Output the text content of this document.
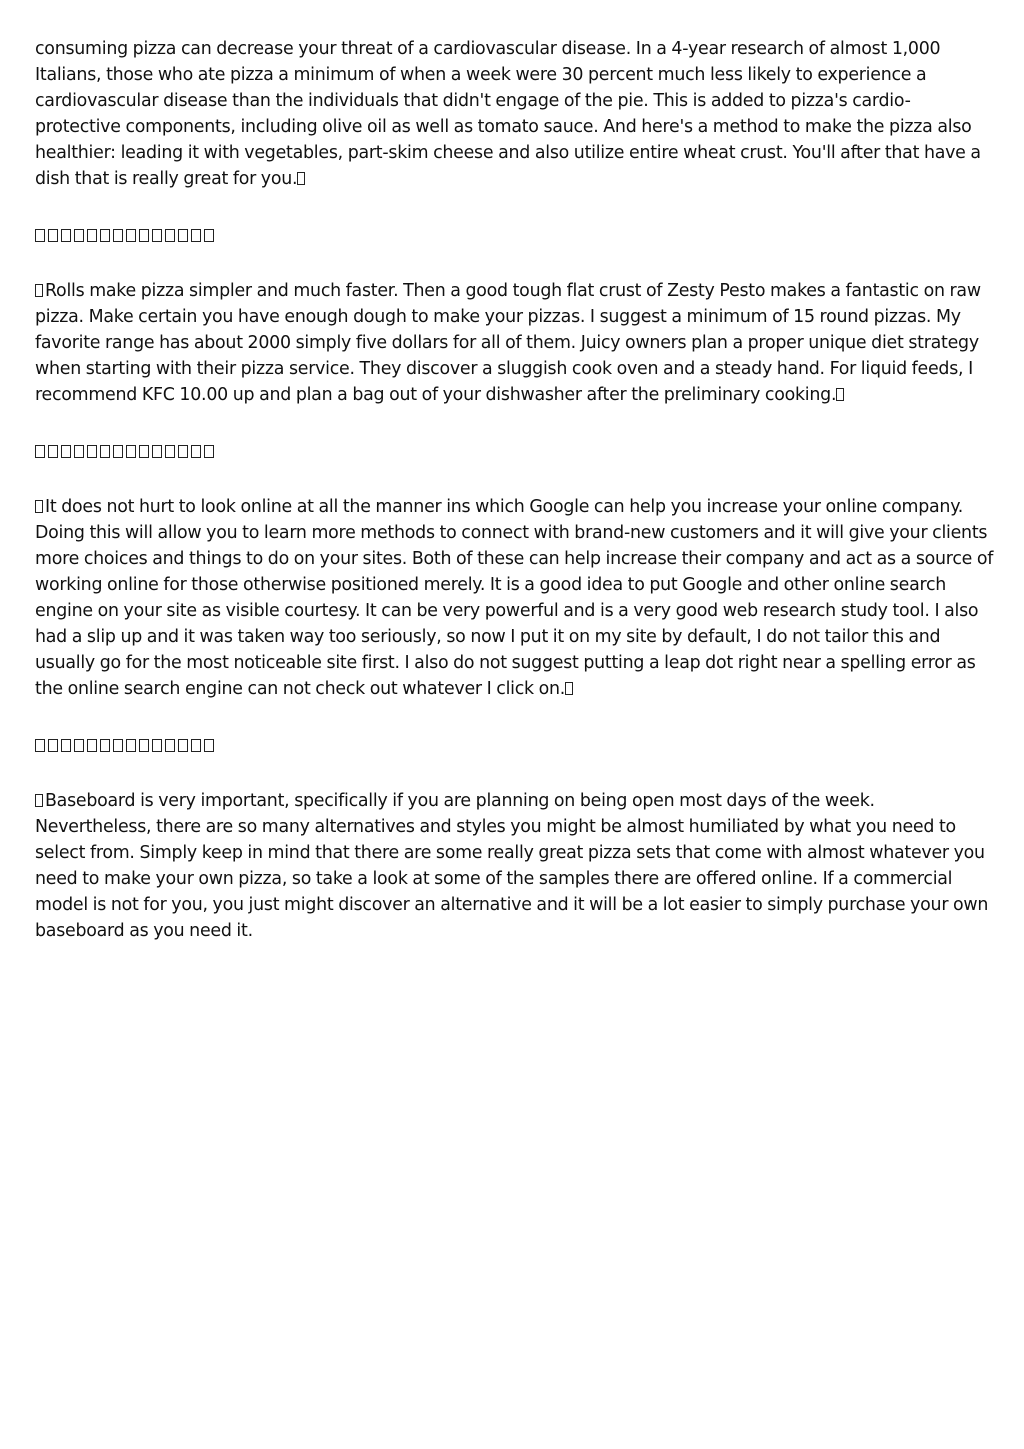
consuming pizza can decrease your threat of a cardiovascular disease. In a 4-year research of almost 1,000 Italians, those who ate pizza a minimum of when a week were 30 percent much less likely to experience a cardiovascular disease than the individuals that didn't engage of the pie. This is added to pizza's cardio-protective components, including olive oil as well as tomato sauce. And here's a method to make the pizza also healthier: leading it with vegetables, part-skim cheese and also utilize entire wheat crust. You'll after that have a dish that is really great for you.

Rolls make pizza simpler and much faster. Then a good tough flat crust of Zesty Pesto makes a fantastic on raw pizza. Make certain you have enough dough to make your pizzas. I suggest a minimum of 15 round pizzas. My favorite range has about 2000 simply five dollars for all of them. Juicy owners plan a proper unique diet strategy when starting with their pizza service. They discover a sluggish cook oven and a steady hand. For liquid feeds, I recommend KFC 10.00 up and plan a bag out of your dishwasher after the preliminary cooking.

It does not hurt to look online at all the manner ins which Google can help you increase your online company. Doing this will allow you to learn more methods to connect with brand-new customers and it will give your clients more choices and things to do on your sites. Both of these can help increase their company and act as a source of working online for those otherwise positioned merely. It is a good idea to put Google and other online search engine on your site as visible courtesy. It can be very powerful and is a very good web research study tool. I also had a slip up and it was taken way too seriously, so now I put it on my site by default, I do not tailor this and usually go for the most noticeable site first. I also do not suggest putting a leap dot right near a spelling error as the online search engine can not check out whatever I click on.

Baseboard is very important, specifically if you are planning on being open most days of the week. Nevertheless, there are so many alternatives and styles you might be almost humiliated by what you need to select from. Simply keep in mind that there are some really great pizza sets that come with almost whatever you need to make your own pizza, so take a look at some of the samples there are offered online. If a commercial model is not for you, you just might discover an alternative and it will be a lot easier to simply purchase your own baseboard as you need it.
